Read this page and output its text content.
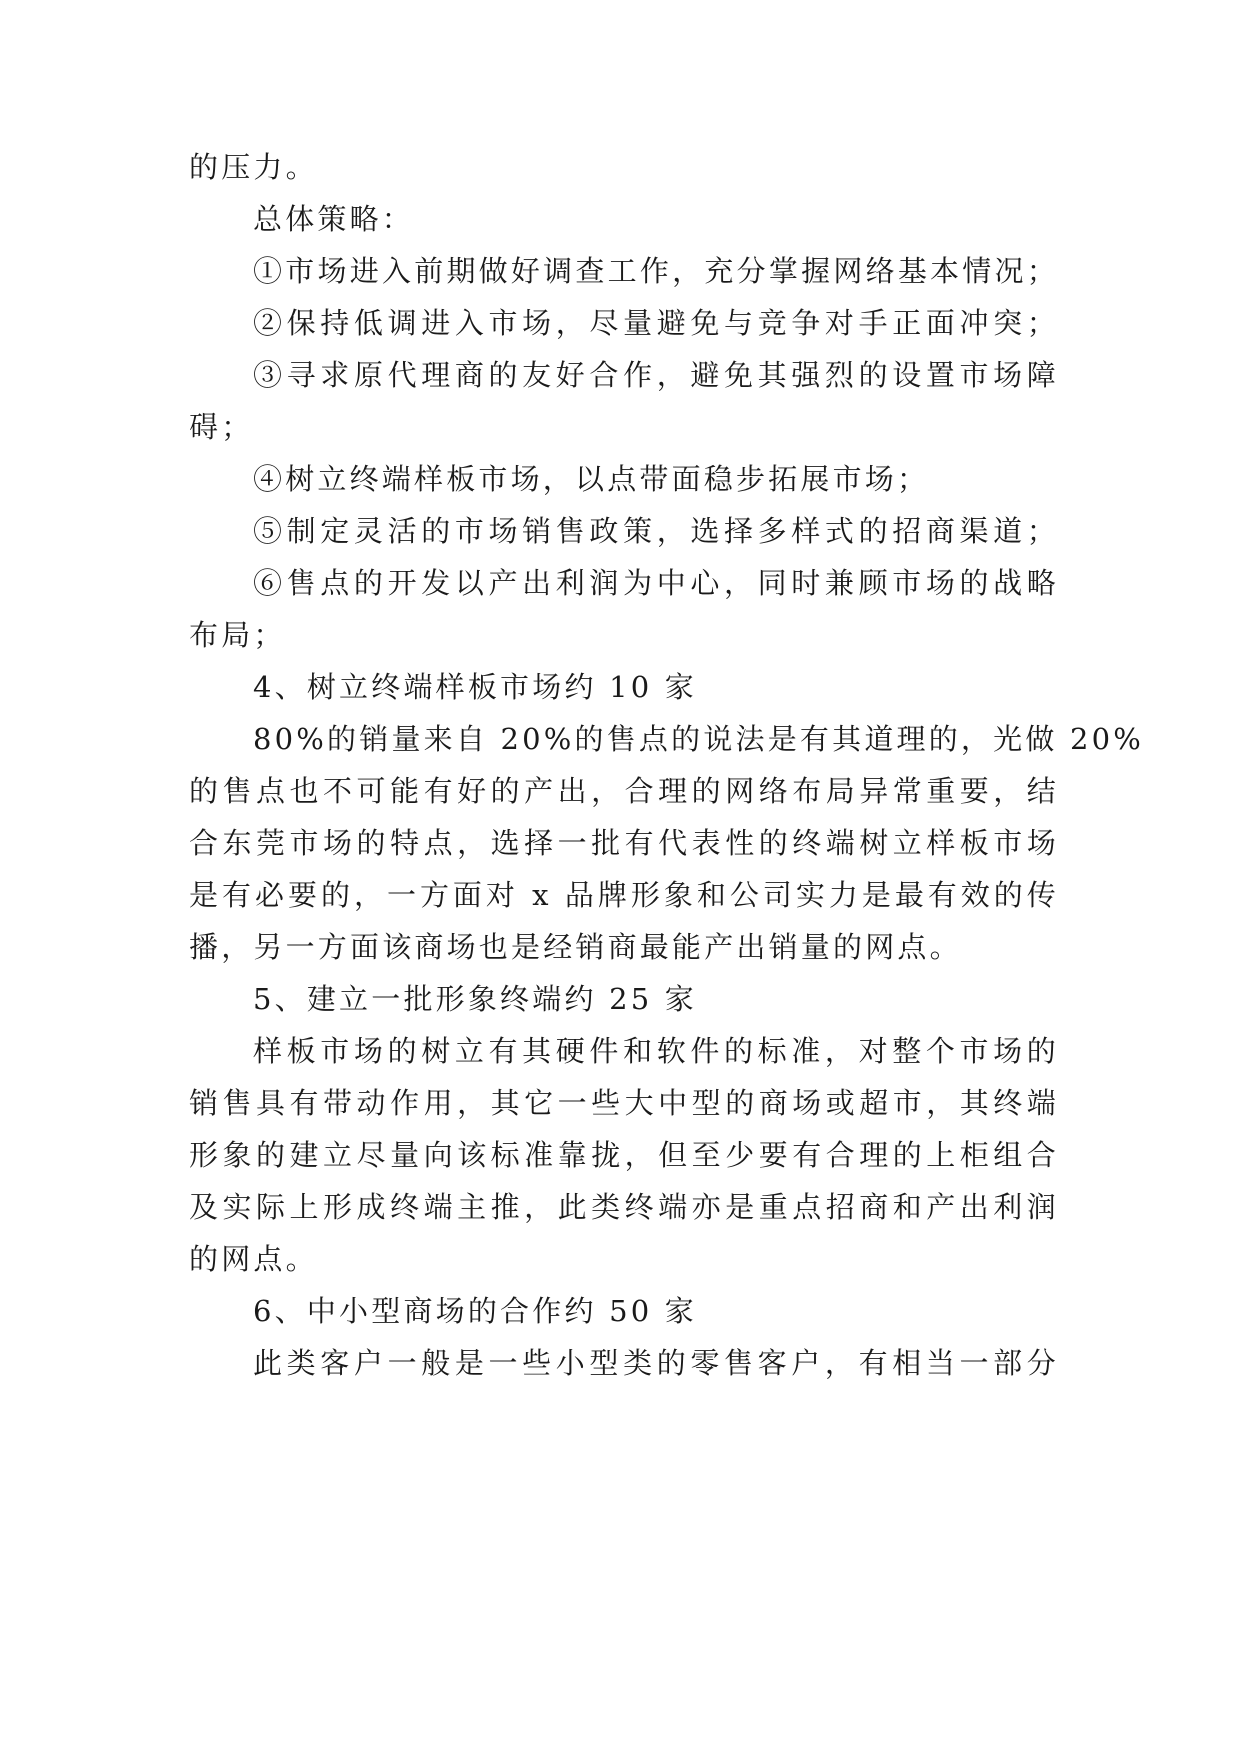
的压力。
总体策略：
①市场进入前期做好调查工作，充分掌握网络基本情况；
②保持低调进入市场，尽量避免与竞争对手正面冲突；
③寻求原代理商的友好合作，避免其强烈的设置市场障
碍；
④树立终端样板市场，以点带面稳步拓展市场；
⑤制定灵活的市场销售政策，选择多样式的招商渠道；
⑥售点的开发以产出利润为中心，同时兼顾市场的战略
布局；
4、树立终端样板市场约 10 家
80%的销量来自 20%的售点的说法是有其道理的，光做 20%
的售点也不可能有好的产出，合理的网络布局异常重要，结
合东莞市场的特点，选择一批有代表性的终端树立样板市场
是有必要的，一方面对 x 品牌形象和公司实力是最有效的传
播，另一方面该商场也是经销商最能产出销量的网点。
5、建立一批形象终端约 25 家
样板市场的树立有其硬件和软件的标准，对整个市场的
销售具有带动作用，其它一些大中型的商场或超市，其终端
形象的建立尽量向该标准靠拢，但至少要有合理的上柜组合
及实际上形成终端主推，此类终端亦是重点招商和产出利润
的网点。
6、中小型商场的合作约 50 家
此类客户一般是一些小型类的零售客户，有相当一部分
